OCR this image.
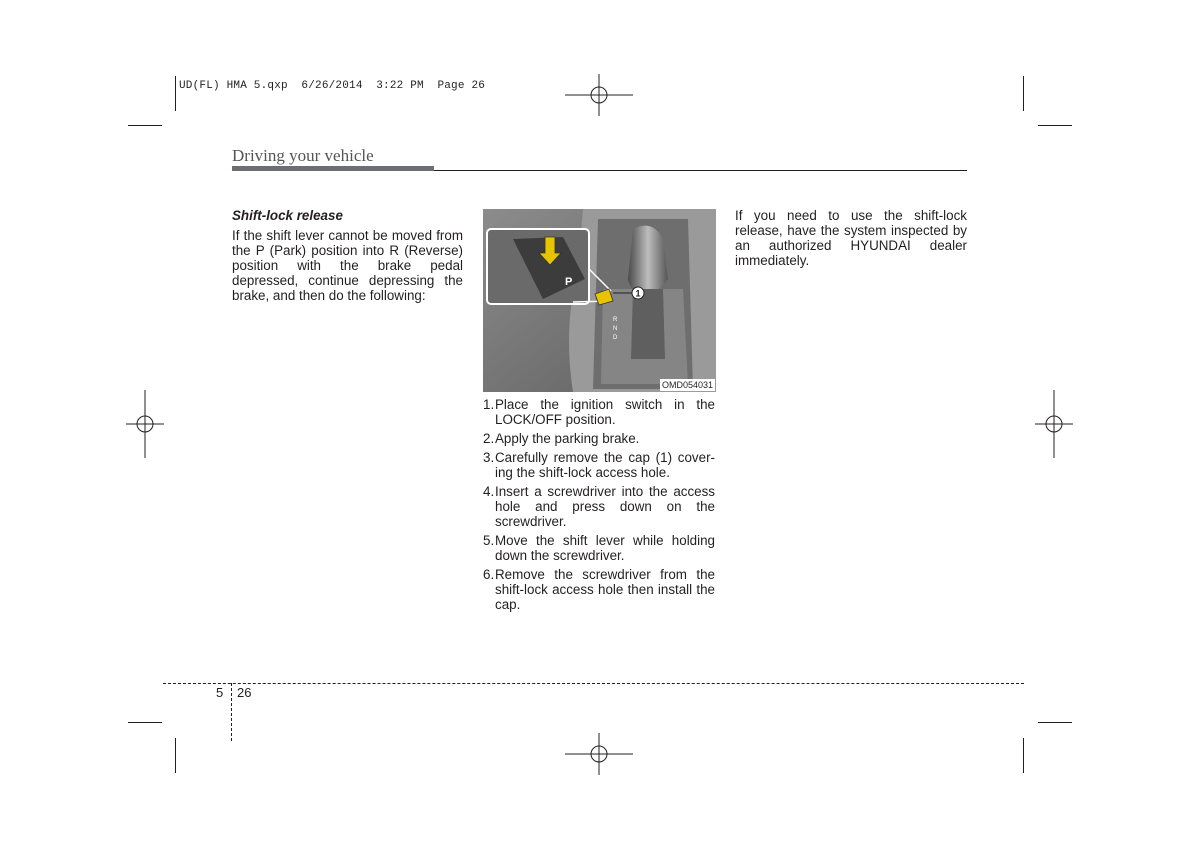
UD(FL) HMA 5.qxp  6/26/2014  3:22 PM  Page 26
Driving your vehicle

Shift-lock release

If the shift lever cannot be moved from the P (Park) position into R (Reverse) position with the brake pedal depressed, continue depressing the brake, and then do the following:	1
P
R
N
D
OMD054031
1. Place the ignition switch in the LOCK/OFF position.
2. Apply the parking brake.
3. Carefully remove the cap (1) cover-ing the shift-lock access hole.
4. Insert a screwdriver into the access hole and press down on the screwdriver.
5. Move the shift lever while holding down the screwdriver.
6. Remove the screwdriver from the shift-lock access hole then install the cap.

If you need to use the shift-lock release, have the system inspected by an authorized HYUNDAI dealer immediately.

5 26
